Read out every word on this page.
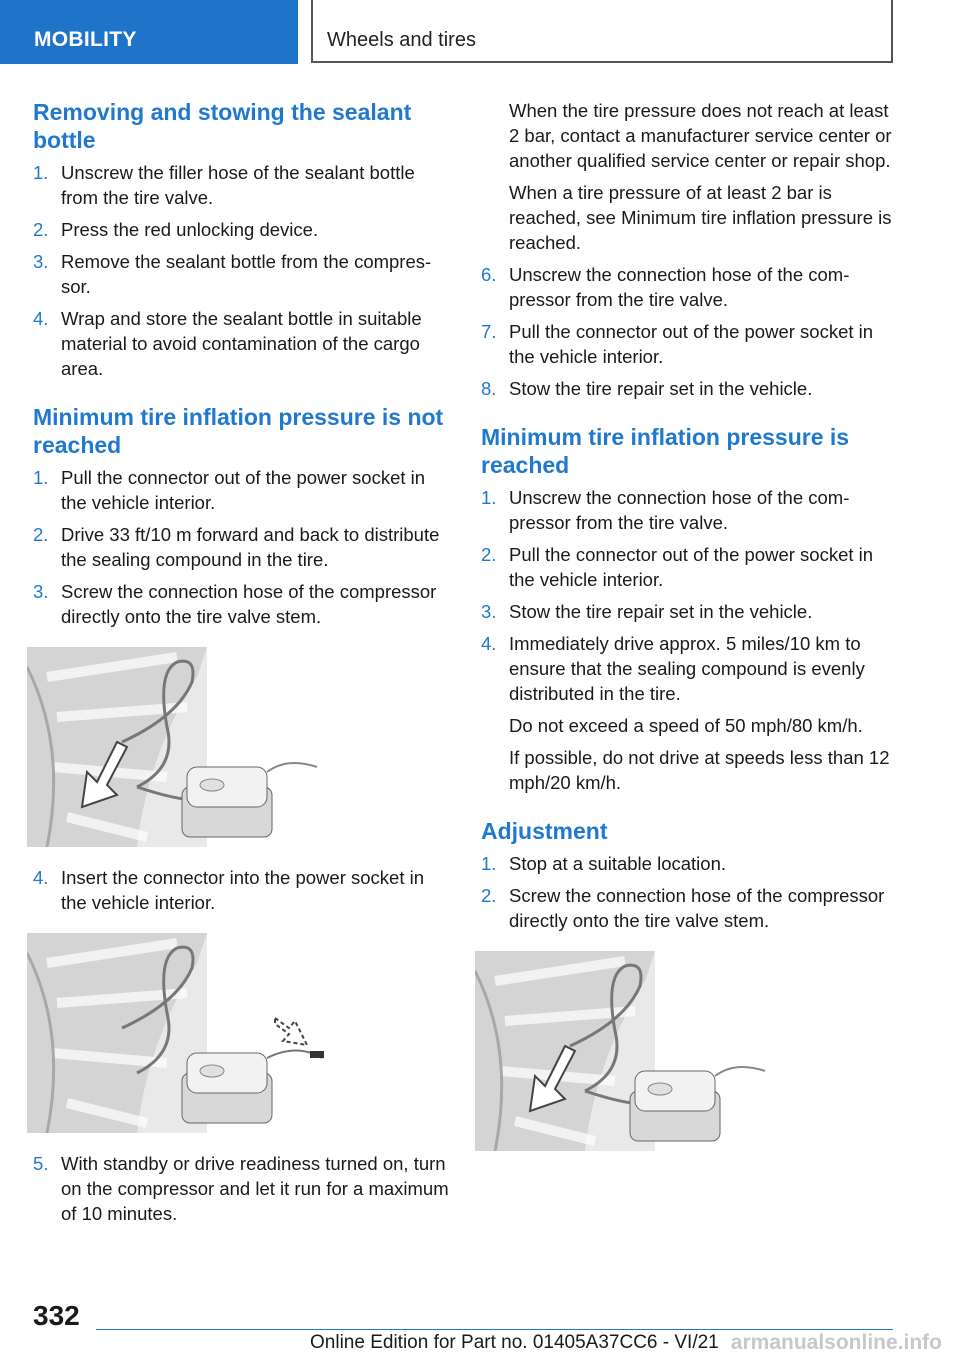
MOBILITY	Wheels and tires
Removing and stowing the sealant bottle
1. Unscrew the filler hose of the sealant bottle from the tire valve.
2. Press the red unlocking device.
3. Remove the sealant bottle from the compressor.
4. Wrap and store the sealant bottle in suitable material to avoid contamination of the cargo area.
Minimum tire inflation pressure is not reached
1. Pull the connector out of the power socket in the vehicle interior.
2. Drive 33 ft/10 m forward and back to distribute the sealing compound in the tire.
3. Screw the connection hose of the compressor directly onto the tire valve stem.
4. Insert the connector into the power socket in the vehicle interior.
5. With standby or drive readiness turned on, turn on the compressor and let it run for a maximum of 10 minutes.

When the tire pressure does not reach at least 2 bar, contact a manufacturer service center or another qualified service center or repair shop.

When a tire pressure of at least 2 bar is reached, see Minimum tire inflation pressure is reached.

6. Unscrew the connection hose of the compressor from the tire valve.
7. Pull the connector out of the power socket in the vehicle interior.
8. Stow the tire repair set in the vehicle.
Minimum tire inflation pressure is reached
1. Unscrew the connection hose of the compressor from the tire valve.
2. Pull the connector out of the power socket in the vehicle interior.
3. Stow the tire repair set in the vehicle.
4. Immediately drive approx. 5 miles/10 km to ensure that the sealing compound is evenly distributed in the tire.

Do not exceed a speed of 50 mph/80 km/h.

If possible, do not drive at speeds less than 12 mph/20 km/h.

Adjustment
1. Stop at a suitable location.
2. Screw the connection hose of the compressor directly onto the tire valve stem.
332
Online Edition for Part no. 01405A37CC6 - VI/21 armanualsonline.info
